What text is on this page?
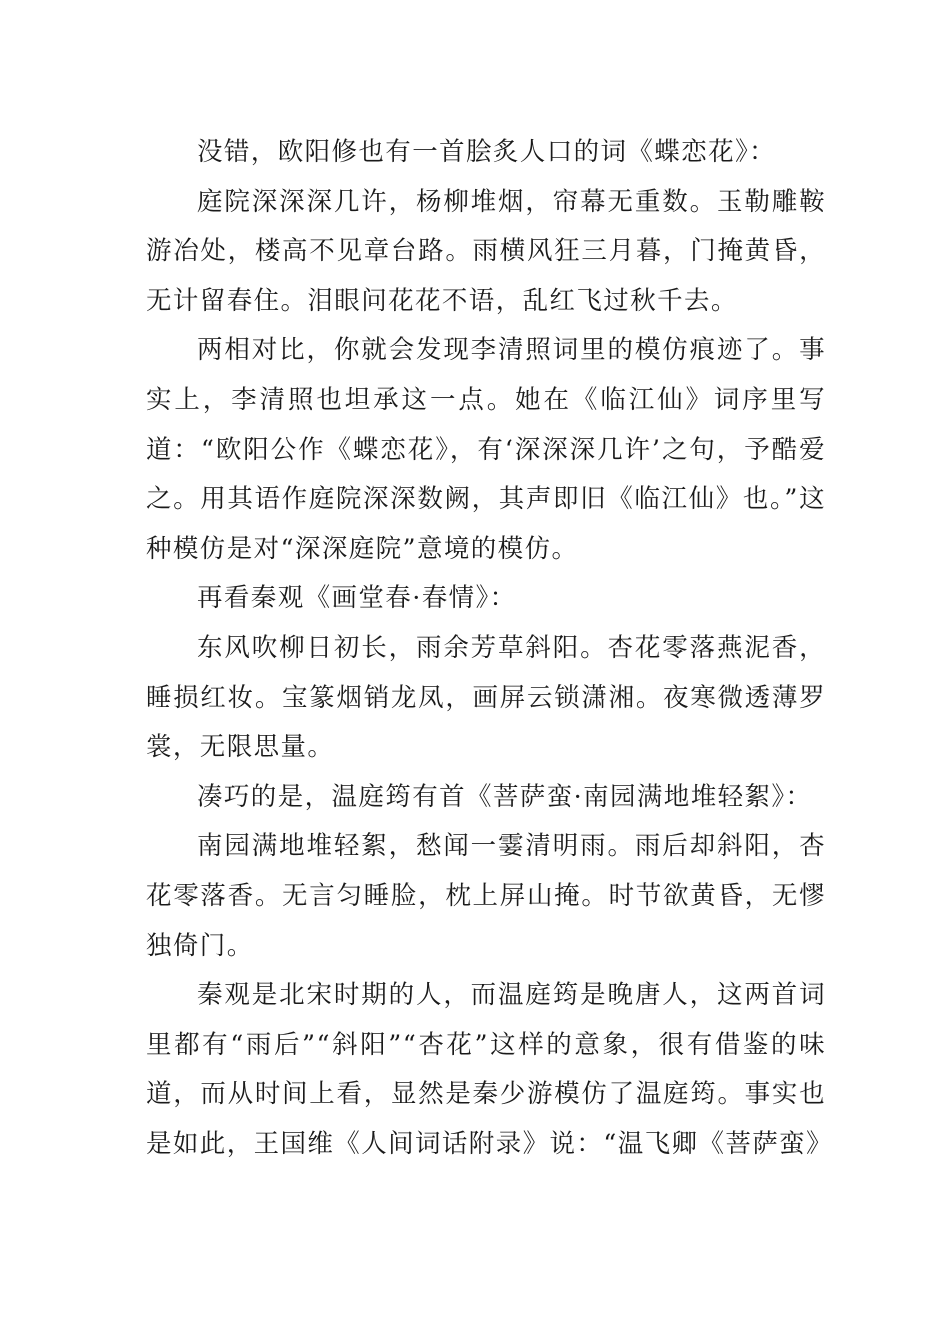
没错，欧阳修也有一首脍炙人口的词《蝶恋花》：

庭院深深深几许，杨柳堆烟，帘幕无重数。玉勒雕鞍游冶处，楼高不见章台路。雨横风狂三月暮，门掩黄昏，无计留春住。泪眼问花花不语，乱红飞过秋千去。

两相对比，你就会发现李清照词里的模仿痕迹了。事实上，李清照也坦承这一点。她在《临江仙》词序里写道：“欧阳公作《蝶恋花》，有‘深深深几许’之句，予酷爱之。用其语作庭院深深数阙，其声即旧《临江仙》也。”这种模仿是对“深深庭院”意境的模仿。

再看秦观《画堂春·春情》：

东风吹柳日初长，雨余芳草斜阳。杏花零落燕泥香，睡损红妆。宝篆烟销龙凤，画屏云锁潇湘。夜寒微透薄罗裳，无限思量。

凑巧的是，温庭筠有首《菩萨蛮·南园满地堆轻絮》：

南园满地堆轻絮，愁闻一霎清明雨。雨后却斜阳，杏花零落香。无言匀睡脸，枕上屏山掩。时节欲黄昏，无憀独倚门。

秦观是北宋时期的人，而温庭筠是晚唐人，这两首词里都有“雨后”“斜阳”“杏花”这样的意象，很有借鉴的味道，而从时间上看，显然是秦少游模仿了温庭筠。事实也是如此，王国维《人间词话附录》说：“温飞卿《菩萨蛮》
